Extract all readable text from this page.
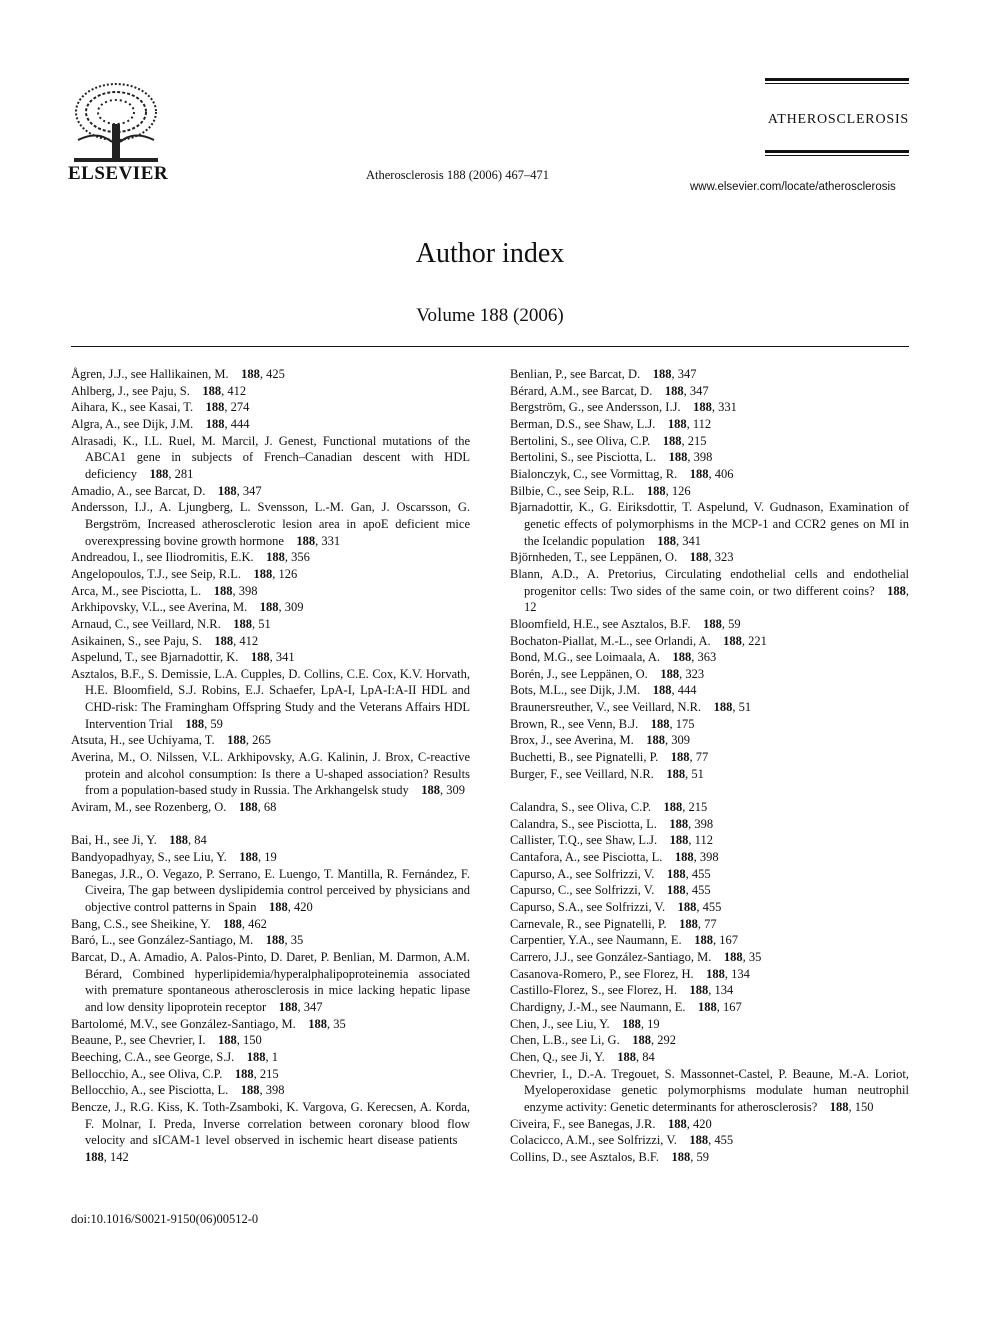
ELSEVIER	Atherosclerosis 188 (2006) 467–471
ATHEROSCLEROSIS
www.elsevier.com/locate/atherosclerosis
Author index
Volume 188 (2006)
Ågren, J.J., see Hallikainen, M.  188, 425
Ahlberg, J., see Paju, S.  188, 412
Aihara, K., see Kasai, T.  188, 274
Algra, A., see Dijk, J.M.  188, 444
Alrasadi, K., I.L. Ruel, M. Marcil, J. Genest, Functional mutations of the ABCA1 gene in subjects of French–Canadian descent with HDL deficiency  188, 281
Amadio, A., see Barcat, D.  188, 347
Andersson, I.J., A. Ljungberg, L. Svensson, L.-M. Gan, J. Oscarsson, G. Bergström, Increased atherosclerotic lesion area in apoE deficient mice overexpressing bovine growth hormone  188, 331
Andreadou, I., see Iliodromitis, E.K.  188, 356
Angelopoulos, T.J., see Seip, R.L.  188, 126
Arca, M., see Pisciotta, L.  188, 398
Arkhipovsky, V.L., see Averina, M.  188, 309
Arnaud, C., see Veillard, N.R.  188, 51
Asikainen, S., see Paju, S.  188, 412
Aspelund, T., see Bjarnadottir, K.  188, 341
Asztalos, B.F., S. Demissie, L.A. Cupples, D. Collins, C.E. Cox, K.V. Horvath, H.E. Bloomfield, S.J. Robins, E.J. Schaefer, LpA-I, LpA-I:A-II HDL and CHD-risk: The Framingham Offspring Study and the Veterans Affairs HDL Intervention Trial  188, 59
Atsuta, H., see Uchiyama, T.  188, 265
Averina, M., O. Nilssen, V.L. Arkhipovsky, A.G. Kalinin, J. Brox, C-reactive protein and alcohol consumption: Is there a U-shaped association? Results from a population-based study in Russia. The Arkhangelsk study  188, 309
Aviram, M., see Rozenberg, O.  188, 68
Bai, H., see Ji, Y.  188, 84
Bandyopadhyay, S., see Liu, Y.  188, 19
Banegas, J.R., O. Vegazo, P. Serrano, E. Luengo, T. Mantilla, R. Fernández, F. Civeira, The gap between dyslipidemia control perceived by physicians and objective control patterns in Spain  188, 420
Bang, C.S., see Sheikine, Y.  188, 462
Baró, L., see González-Santiago, M.  188, 35
Barcat, D., A. Amadio, A. Palos-Pinto, D. Daret, P. Benlian, M. Darmon, A.M. Bérard, Combined hyperlipidemia/hyperalphalipoproteinemia associated with premature spontaneous atherosclerosis in mice lacking hepatic lipase and low density lipoprotein receptor  188, 347
Bartolomé, M.V., see González-Santiago, M.  188, 35
Beaune, P., see Chevrier, I.  188, 150
Beeching, C.A., see George, S.J.  188, 1
Bellocchio, A., see Oliva, C.P.  188, 215
Bellocchio, A., see Pisciotta, L.  188, 398
Bencze, J., R.G. Kiss, K. Toth-Zsamboki, K. Vargova, G. Kerecsen, A. Korda, F. Molnar, I. Preda, Inverse correlation between coronary blood flow velocity and sICAM-1 level observed in ischemic heart disease patients 188, 142
Benlian, P., see Barcat, D.  188, 347
Bérard, A.M., see Barcat, D.  188, 347
Bergström, G., see Andersson, I.J.  188, 331
Berman, D.S., see Shaw, L.J.  188, 112
Bertolini, S., see Oliva, C.P.  188, 215
Bertolini, S., see Pisciotta, L.  188, 398
Bialonczyk, C., see Vormittag, R.  188, 406
Bilbie, C., see Seip, R.L.  188, 126
Bjarnadottir, K., G. Eiriksdottir, T. Aspelund, V. Gudnason, Examination of genetic effects of polymorphisms in the MCP-1 and CCR2 genes on MI in the Icelandic population  188, 341
Björnheden, T., see Leppänen, O.  188, 323
Blann, A.D., A. Pretorius, Circulating endothelial cells and endothelial progenitor cells: Two sides of the same coin, or two different coins?  188, 12
Bloomfield, H.E., see Asztalos, B.F.  188, 59
Bochaton-Piallat, M.-L., see Orlandi, A.  188, 221
Bond, M.G., see Loimaala, A.  188, 363
Borén, J., see Leppänen, O.  188, 323
Bots, M.L., see Dijk, J.M.  188, 444
Braunersreuther, V., see Veillard, N.R.  188, 51
Brown, R., see Venn, B.J.  188, 175
Brox, J., see Averina, M.  188, 309
Buchetti, B., see Pignatelli, P.  188, 77
Burger, F., see Veillard, N.R.  188, 51
Calandra, S., see Oliva, C.P.  188, 215
Calandra, S., see Pisciotta, L.  188, 398
Callister, T.Q., see Shaw, L.J.  188, 112
Cantafora, A., see Pisciotta, L.  188, 398
Capurso, A., see Solfrizzi, V.  188, 455
Capurso, C., see Solfrizzi, V.  188, 455
Capurso, S.A., see Solfrizzi, V.  188, 455
Carnevale, R., see Pignatelli, P.  188, 77
Carpentier, Y.A., see Naumann, E.  188, 167
Carrero, J.J., see González-Santiago, M.  188, 35
Casanova-Romero, P., see Florez, H.  188, 134
Castillo-Florez, S., see Florez, H.  188, 134
Chardigny, J.-M., see Naumann, E.  188, 167
Chen, J., see Liu, Y.  188, 19
Chen, L.B., see Li, G.  188, 292
Chen, Q., see Ji, Y.  188, 84
Chevrier, I., D.-A. Tregouet, S. Massonnet-Castel, P. Beaune, M.-A. Loriot, Myeloperoxidase genetic polymorphisms modulate human neutrophil enzyme activity: Genetic determinants for atherosclerosis?  188, 150
Civeira, F., see Banegas, J.R.  188, 420
Colacicco, A.M., see Solfrizzi, V.  188, 455
Collins, D., see Asztalos, B.F.  188, 59
doi:10.1016/S0021-9150(06)00512-0
